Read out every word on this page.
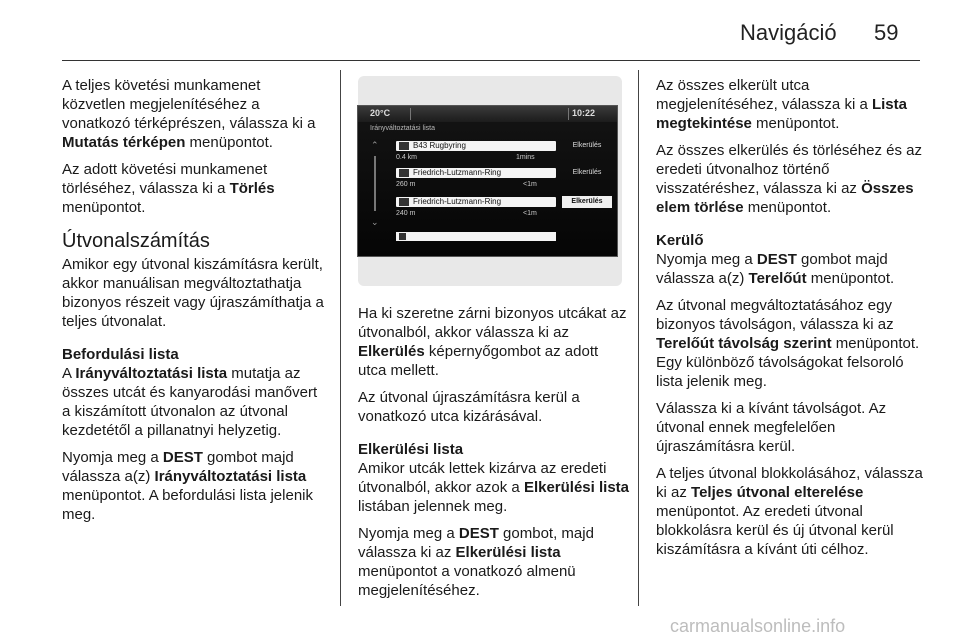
Navigáció 59

A teljes követési munkamenet közvetlen megjelenítéséhez a vonatkozó térképrészen, válassza ki a Mutatás térképen menüpontot.

Az adott követési munkamenet törléséhez, válassza ki a Törlés menüpontot.

Útvonalszámítás

Amikor egy útvonal kiszámításra került, akkor manuálisan megváltoztathatja bizonyos részeit vagy újraszámíthatja a teljes útvonalat.

Befordulási lista

A Irányváltoztatási lista mutatja az összes utcát és kanyarodási manővert a kiszámított útvonalon az útvonal kezdetétől a pillanatnyi helyzetig.

Nyomja meg a DEST gombot majd válassza a(z) Irányváltoztatási lista menüpontot. A befordulási lista jelenik meg.

20°C	10:22
Irányváltoztatási lista
⌃
⌄
B43 Rugbyring
0.4 km	1mins
Elkerülés
Friedrich-Lutzmann-Ring
260 m	<1m
Elkerülés
Friedrich-Lutzmann-Ring
240 m	<1m
Elkerülés

Ha ki szeretne zárni bizonyos utcákat az útvonalból, akkor válassza ki az Elkerülés képernyőgombot az adott utca mellett.

Az útvonal újraszámításra kerül a vonatkozó utca kizárásával.

Elkerülési lista

Amikor utcák lettek kizárva az eredeti útvonalból, akkor azok a Elkerülési lista listában jelennek meg.

Nyomja meg a DEST gombot, majd válassza ki az Elkerülési lista menüpontot a vonatkozó almenü megjelenítéséhez.

Az összes elkerült utca megjelenítéséhez, válassza ki a Lista megtekintése menüpontot.

Az összes elkerülés és törléséhez és az eredeti útvonalhoz történő visszatéréshez, válassza ki az Összes elem törlése menüpontot.

Kerülő

Nyomja meg a DEST gombot majd válassza a(z) Terelőút menüpontot.

Az útvonal megváltoztatásához egy bizonyos távolságon, válassza ki az Terelőút távolság szerint menüpontot. Egy különböző távolságokat felsoroló lista jelenik meg.

Válassza ki a kívánt távolságot. Az útvonal ennek megfelelően újraszámításra kerül.

A teljes útvonal blokkolásához, válassza ki az Teljes útvonal elterelése menüpontot. Az eredeti útvonal blokkolásra kerül és új útvonal kerül kiszámításra a kívánt úti célhoz.

carmanualsonline.info
